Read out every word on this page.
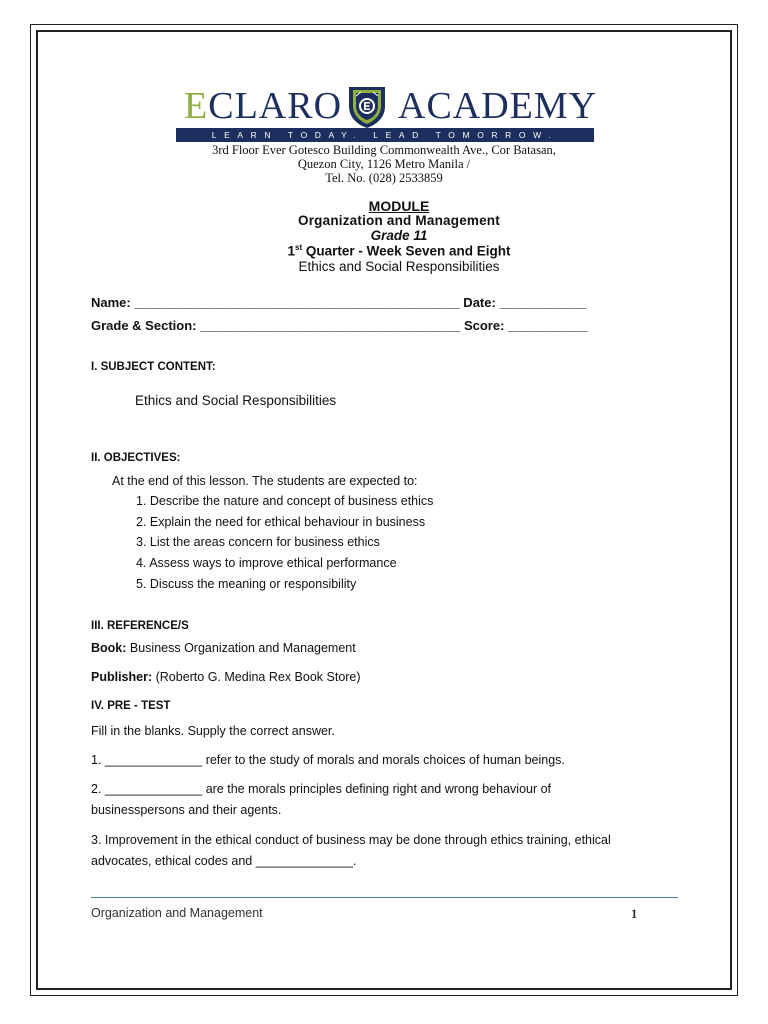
ECLARO ACADEMY
LEARN TODAY. LEAD TOMORROW.
3rd Floor Ever Gotesco Building Commonwealth Ave., Cor Batasan,
Quezon City, 1126 Metro Manila /
Tel. No. (028) 2533859
MODULE
Organization and Management
Grade 11
1st Quarter - Week Seven and Eight
Ethics and Social Responsibilities
Name: _____________________________________________ Date: ____________
Grade & Section: ____________________________________ Score: ___________
I. SUBJECT CONTENT:
Ethics and Social Responsibilities
II. OBJECTIVES:
At the end of this lesson. The students are expected to:
1. Describe the nature and concept of business ethics
2. Explain the need for ethical behaviour in business
3. List the areas concern for business ethics
4. Assess ways to improve ethical performance
5. Discuss the meaning or responsibility
III. REFERENCE/S
Book: Business Organization and Management
Publisher: (Roberto G. Medina Rex Book Store)
IV. PRE - TEST
Fill in the blanks. Supply the correct answer.
1. ______________ refer to the study of morals and morals choices of human beings.
2. ______________ are the morals principles defining right and wrong behaviour of
businesspersons and their agents.
3. Improvement in the ethical conduct of business may be done through ethics training, ethical
advocates, ethical codes and ______________.
Organization and Management	1
